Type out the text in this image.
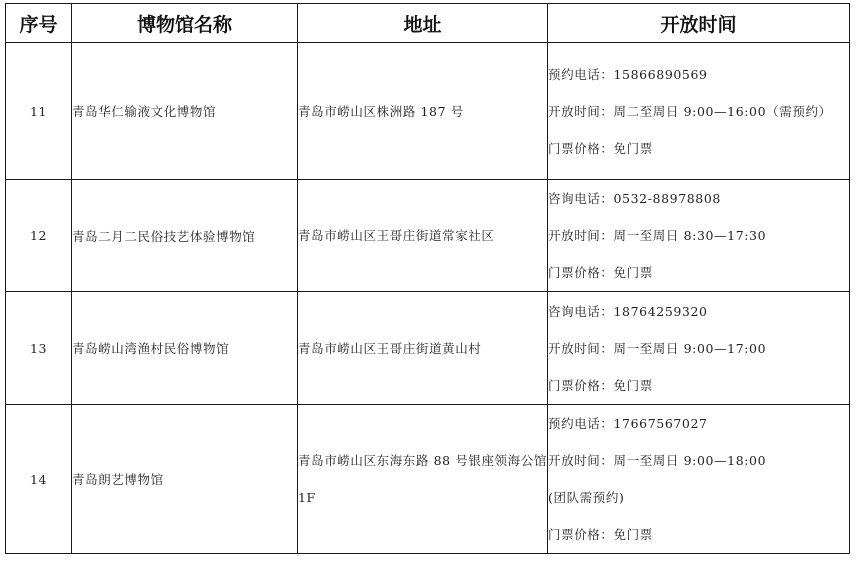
序号	博物馆名称	地址	开放时间
11	青岛华仁输液文化博物馆	青岛市崂山区株洲路 187 号	预约电话：15866890569
开放时间：周二至周日 9:00—16:00（需预约）
门票价格：免门票

12	青岛二月二民俗技艺体验博物馆	青岛市崂山区王哥庄街道常家社区	咨询电话：0532-88978808
开放时间：周一至周日 8:30—17:30
门票价格：免门票

13	青岛崂山湾渔村民俗博物馆	青岛市崂山区王哥庄街道黄山村	咨询电话：18764259320
开放时间：周一至周日 9:00—17:00
门票价格：免门票

14	青岛朗艺博物馆	青岛市崂山区东海东路 88 号银座领海公馆 1F	预约电话：17667567027
开放时间：周一至周日 9:00—18:00
(团队需预约)
门票价格：免门票
